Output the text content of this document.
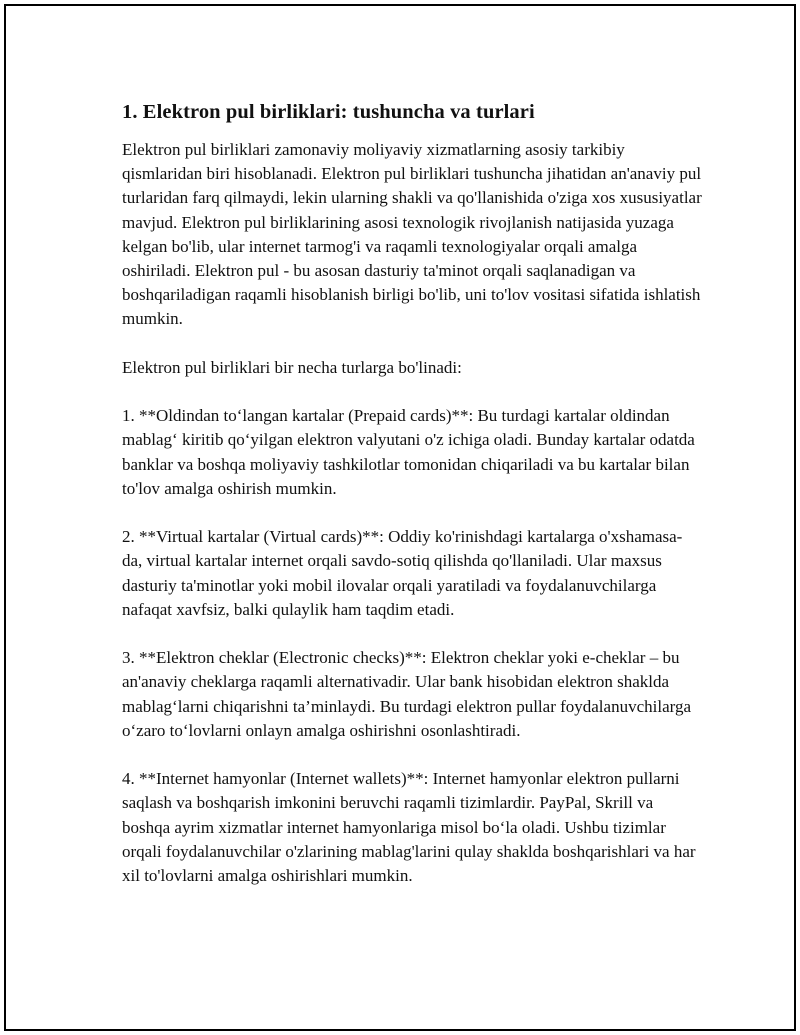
1. Elektron pul birliklari: tushuncha va turlari

Elektron pul birliklari zamonaviy moliyaviy xizmatlarning asosiy tarkibiy qismlaridan biri hisoblanadi. Elektron pul birliklari tushuncha jihatidan an'anaviy pul turlaridan farq qilmaydi, lekin ularning shakli va qo'llanishida o'ziga xos xususiyatlar mavjud. Elektron pul birliklarining asosi texnologik rivojlanish natijasida yuzaga kelgan bo'lib, ular internet tarmog'i va raqamli texnologiyalar orqali amalga oshiriladi. Elektron pul - bu asosan dasturiy ta'minot orqali saqlanadigan va boshqariladigan raqamli hisoblanish birligi bo'lib, uni to'lov vositasi sifatida ishlatish mumkin.

Elektron pul birliklari bir necha turlarga bo'linadi:

1. **Oldindan to‘langan kartalar (Prepaid cards)**: Bu turdagi kartalar oldindan mablag‘ kiritib qo‘yilgan elektron valyutani o'z ichiga oladi. Bunday kartalar odatda banklar va boshqa moliyaviy tashkilotlar tomonidan chiqariladi va bu kartalar bilan to'lov amalga oshirish mumkin.

2. **Virtual kartalar (Virtual cards)**: Oddiy ko'rinishdagi kartalarga o'xshamasa-da, virtual kartalar internet orqali savdo-sotiq qilishda qo'llaniladi. Ular maxsus dasturiy ta'minotlar yoki mobil ilovalar orqali yaratiladi va foydalanuvchilarga nafaqat xavfsiz, balki qulaylik ham taqdim etadi.

3. **Elektron cheklar (Electronic checks)**: Elektron cheklar yoki e-cheklar – bu an'anaviy cheklarga raqamli alternativadir. Ular bank hisobidan elektron shaklda mablag‘larni chiqarishni ta’minlaydi. Bu turdagi elektron pullar foydalanuvchilarga o‘zaro to‘lovlarni onlayn amalga oshirishni osonlashtiradi.

4. **Internet hamyonlar (Internet wallets)**: Internet hamyonlar elektron pullarni saqlash va boshqarish imkonini beruvchi raqamli tizimlardir. PayPal, Skrill va boshqa ayrim xizmatlar internet hamyonlariga misol bo‘la oladi. Ushbu tizimlar orqali foydalanuvchilar o'zlarining mablag'larini qulay shaklda boshqarishlari va har xil to'lovlarni amalga oshirishlari mumkin.
